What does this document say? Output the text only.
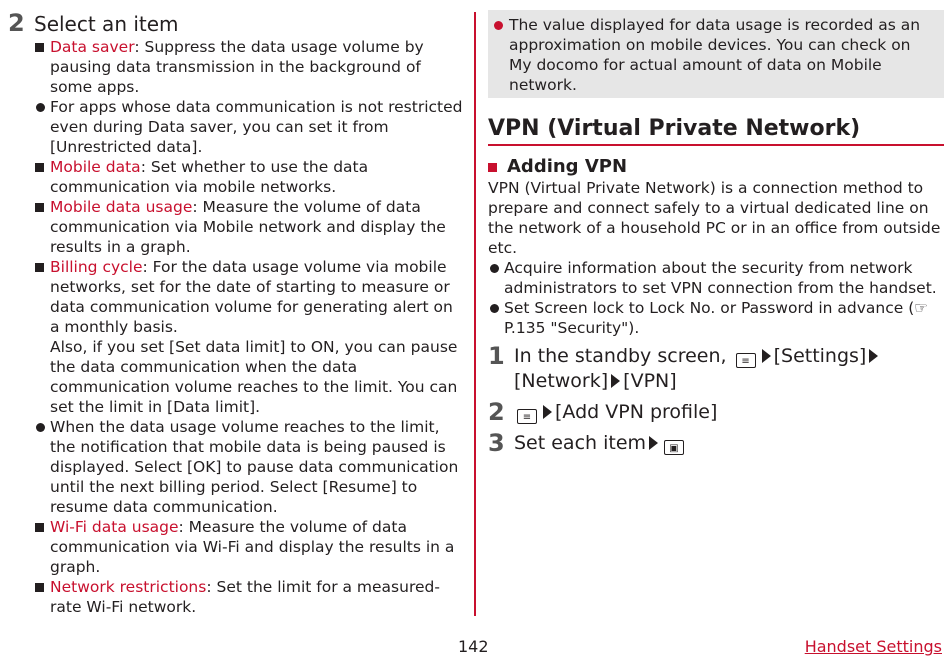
2 Select an item
Data saver: Suppress the data usage volume by pausing data transmission in the background of some apps.
For apps whose data communication is not restricted even during Data saver, you can set it from [Unrestricted data].
Mobile data: Set whether to use the data communication via mobile networks.
Mobile data usage: Measure the volume of data communication via Mobile network and display the results in a graph.
Billing cycle: For the data usage volume via mobile networks, set for the date of starting to measure or data communication volume for generating alert on a monthly basis.
Also, if you set [Set data limit] to ON, you can pause the data communication when the data communication volume reaches to the limit. You can set the limit in [Data limit].
When the data usage volume reaches to the limit, the notification that mobile data is being paused is displayed. Select [OK] to pause data communication until the next billing period. Select [Resume] to resume data communication.
Wi-Fi data usage: Measure the volume of data communication via Wi-Fi and display the results in a graph.
Network restrictions: Set the limit for a measured-rate Wi-Fi network.
The value displayed for data usage is recorded as an approximation on mobile devices. You can check on My docomo for actual amount of data on Mobile network.
VPN (Virtual Private Network)
Adding VPN
VPN (Virtual Private Network) is a connection method to prepare and connect safely to a virtual dedicated line on the network of a household PC or in an office from outside etc.
Acquire information about the security from network administrators to set VPN connection from the handset.
Set Screen lock to Lock No. or Password in advance (☞P.135 "Security").
1 In the standby screen, ≡ [Settings]
[Network] [VPN]
2	≡ [Add VPN profile]
3 Set each item ▣
142	Handset Settings
